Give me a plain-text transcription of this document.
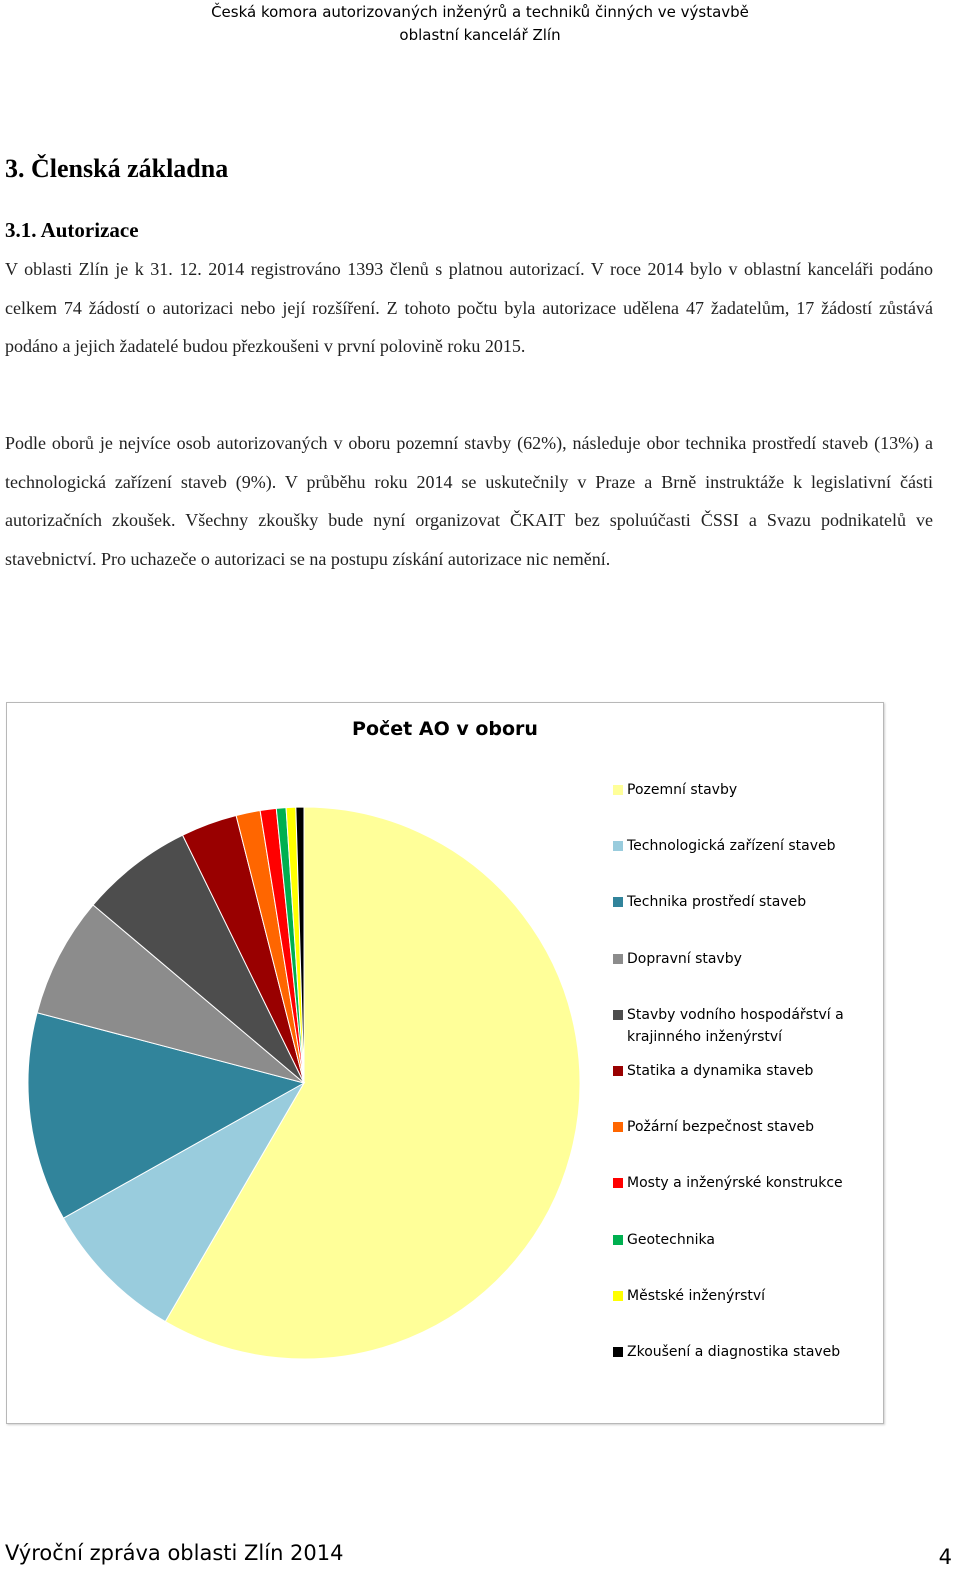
Česká komora autorizovaných inženýrů a techniků činných ve výstavbě
oblastní kancelář Zlín
3. Členská základna
3.1. Autorizace
V oblasti Zlín je k 31. 12. 2014 registrováno 1393 členů s platnou autorizací. V roce 2014 bylo v oblastní kanceláři podáno celkem 74 žádostí o autorizaci nebo její rozšíření. Z tohoto počtu byla autorizace udělena 47 žadatelům, 17 žádostí zůstává podáno a jejich žadatelé budou přezkoušeni v první polovině roku 2015.
Podle oborů je nejvíce osob autorizovaných v oboru pozemní stavby (62%), následuje obor technika prostředí staveb (13%) a technologická zařízení staveb (9%). V průběhu roku 2014 se uskutečnily v Praze a Brně instruktáže k legislativní části autorizačních zkoušek. Všechny zkoušky bude nyní organizovat ČKAIT bez spoluúčasti ČSSI a Svazu podnikatelů ve stavebnictví. Pro uchazeče o autorizaci se na postupu získání autorizace nic nemění.
Počet AO v oboru
Pozemní stavby
Technologická zařízení staveb
Technika prostředí staveb
Dopravní stavby
Stavby vodního hospodářství a krajinného inženýrství
Statika a dynamika staveb
Požární bezpečnost staveb
Mosty a inženýrské konstrukce
Geotechnika
Městské inženýrství
Zkoušení a diagnostika staveb
Výroční zpráva oblasti Zlín 2014	4
